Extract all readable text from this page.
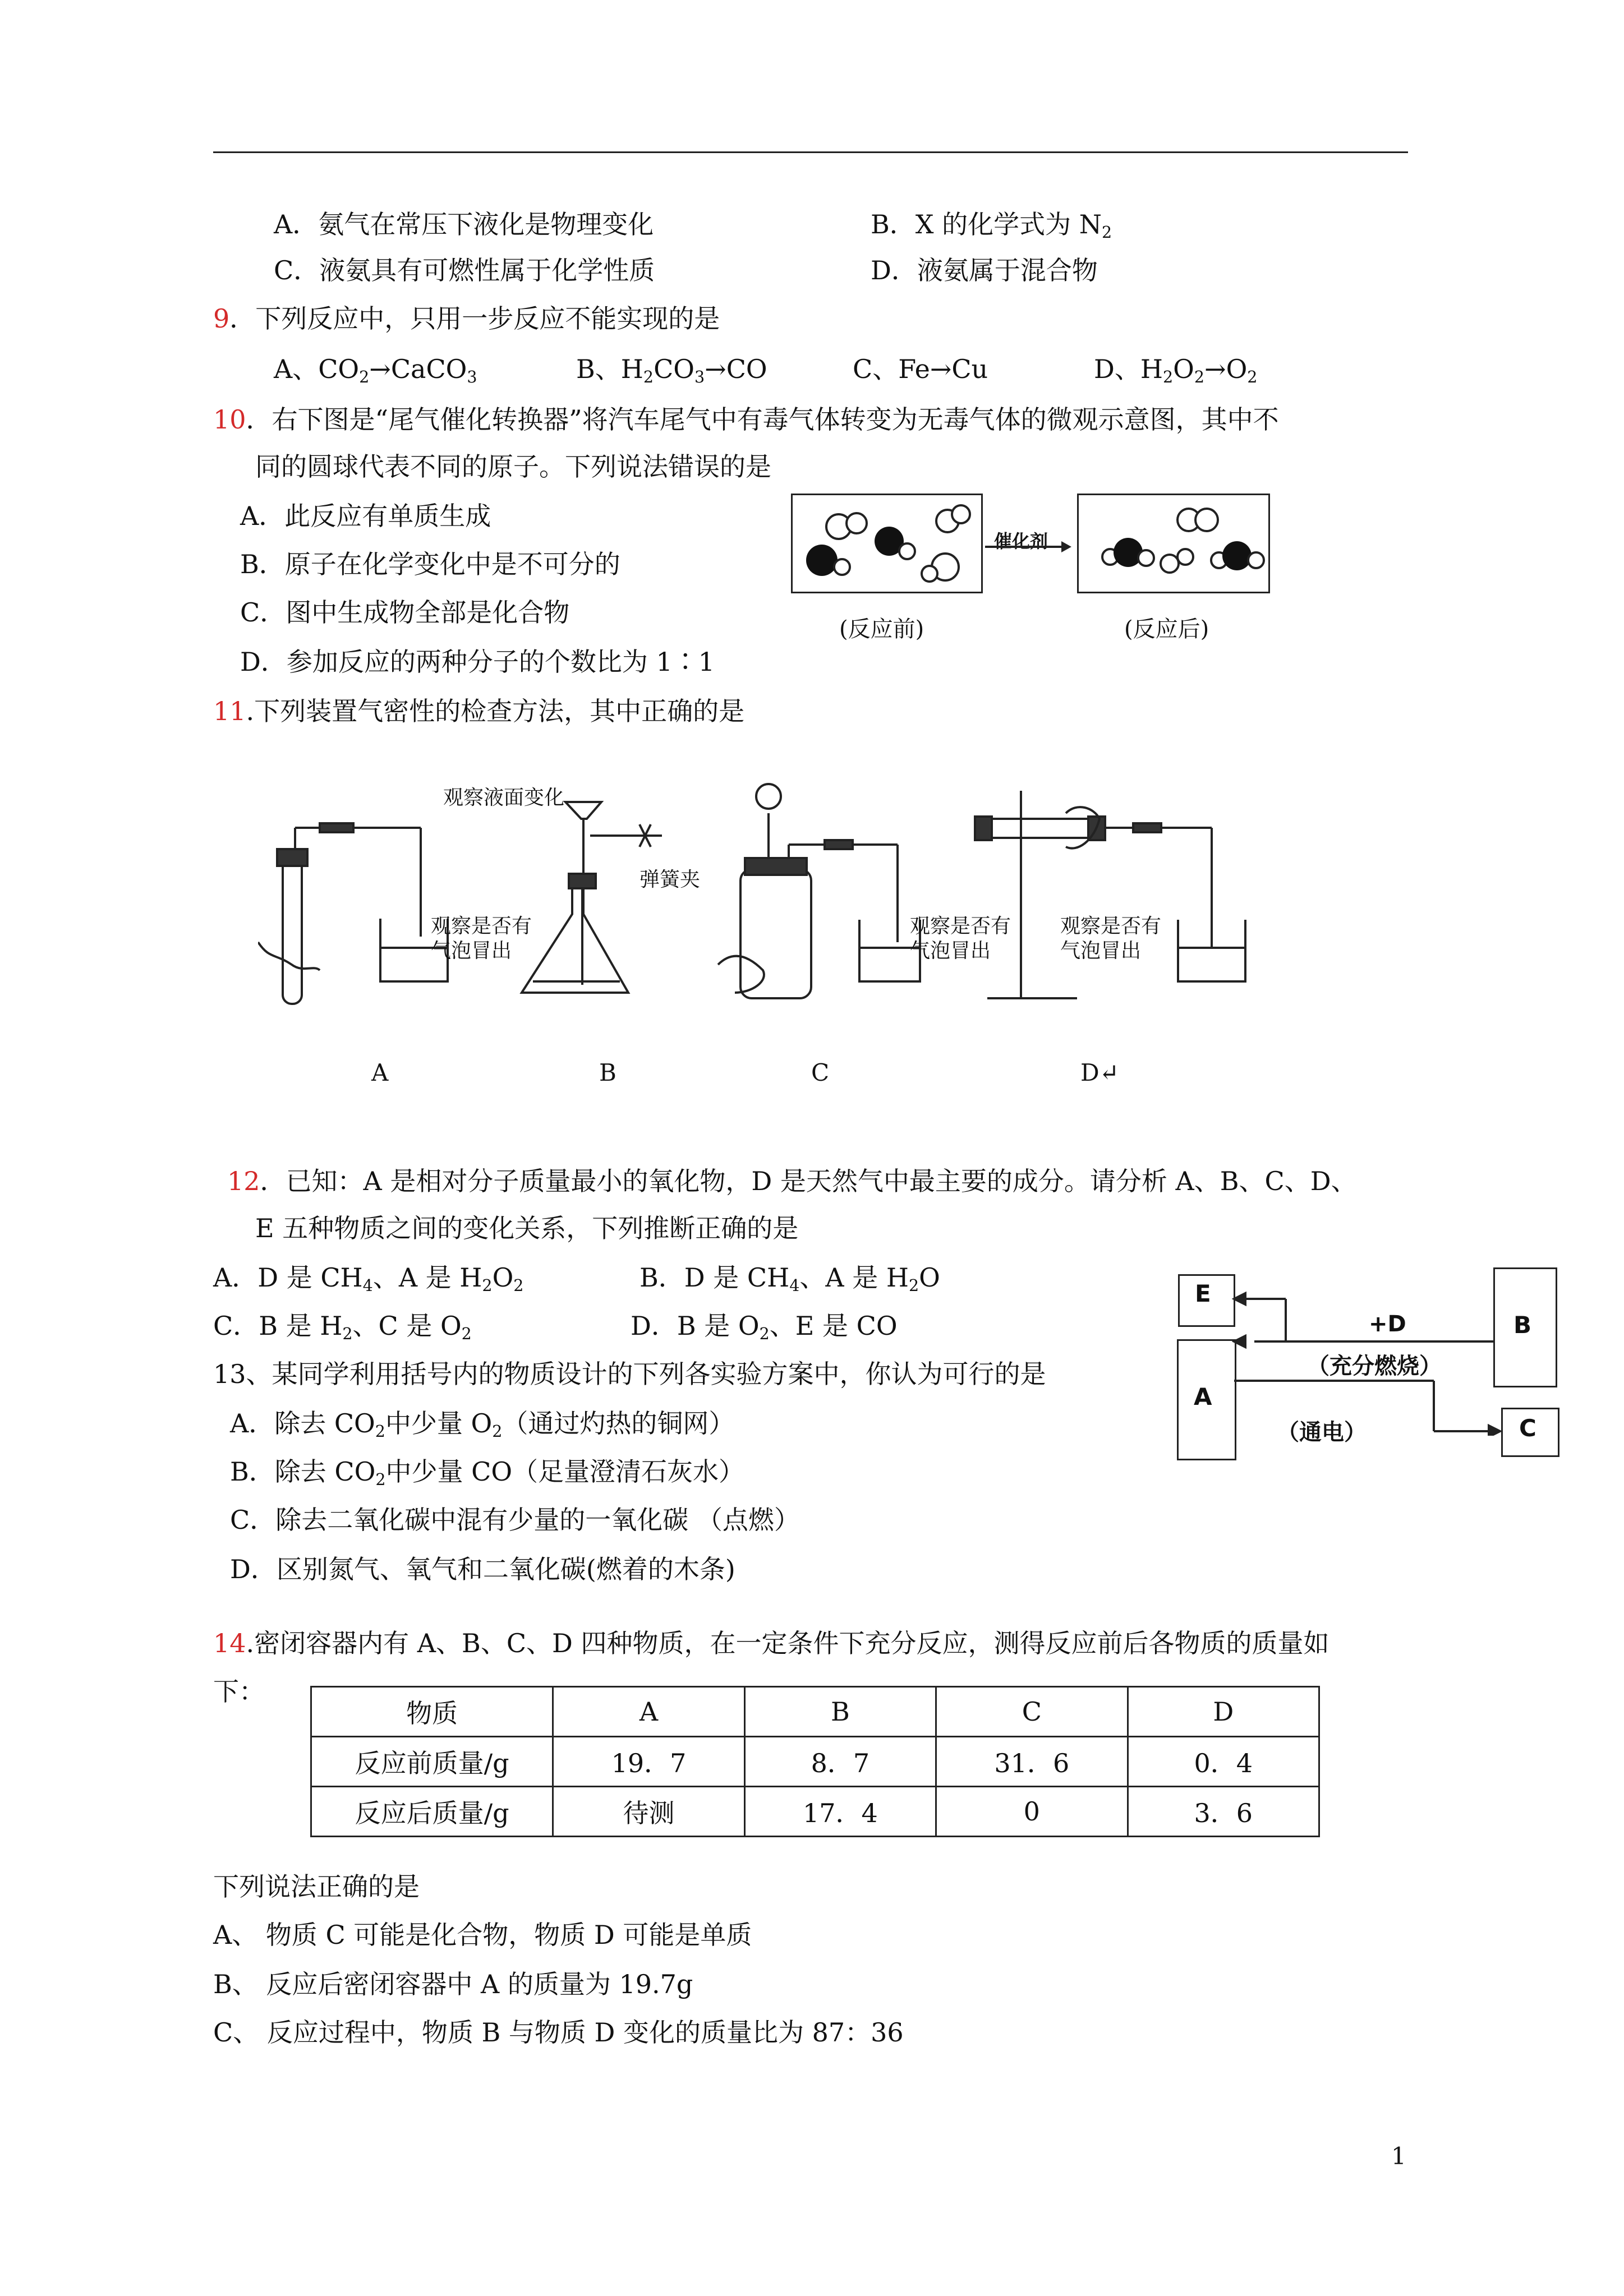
A．氨气在常压下液化是物理变化	B．X 的化学式为 $N_2$
C．液氨具有可燃性属于化学性质	D．液氨属于混合物
9．下列反应中，只用一步反应不能实现的是
A、$CO_2\to CaCO_3$	B、$H_2CO_3\to CO$	C、Fe→Cu	D、$H_2O_2\to O_2$
10．右下图是“尾气催化转换器”将汽车尾气中有毒气体转变为无毒气体的微观示意图，其中不
同的圆球代表不同的原子。下列说法错误的是
A．此反应有单质生成
B．原子在化学变化中是不可分的
C．图中生成物全部是化合物
D．参加反应的两种分子的个数比为 1∶1
催化剂
(反应前)	(反应后)
11.下列装置气密性的检查方法，其中正确的是
观察液面变化
弹簧夹
观察是否有
气泡冒出
观察是否有
气泡冒出
观察是否有
气泡冒出
A	B	C	D↵
12．已知：A 是相对分子质量最小的氧化物，D 是天然气中最主要的成分。请分析 A、B、C、D、
E 五种物质之间的变化关系，下列推断正确的是
A．D 是 $CH_4$、A 是 $H_2O_2$	B．D 是 $CH_4$、A 是 $H_2O$
C．B 是 $H_2$、C 是 $O_2$	D．B 是 $O_2$、E 是 CO
E
B
A
C
+D
（充分燃烧）
（通电）
13、某同学利用括号内的物质设计的下列各实验方案中，你认为可行的是
A．除去 $CO_2$中少量 $O_2$（通过灼热的铜网）
B．除去 $CO_2$中少量 CO（足量澄清石灰水）
C．除去二氧化碳中混有少量的一氧化碳 （点燃）
D．区别氮气、氧气和二氧化碳(燃着的木条)
14.密闭容器内有 A、B、C、D 四种物质，在一定条件下充分反应，测得反应前后各物质的质量如
下：
物质	A	B	C	D
反应前质量/g	19．7	8．7	31．6	0．4
反应后质量/g	待测	17．4	0	3．6
下列说法正确的是
A、 物质 C 可能是化合物，物质 D 可能是单质
B、 反应后密闭容器中 A 的质量为 19.7g
C、 反应过程中，物质 B 与物质 D 变化的质量比为 87：36
1
